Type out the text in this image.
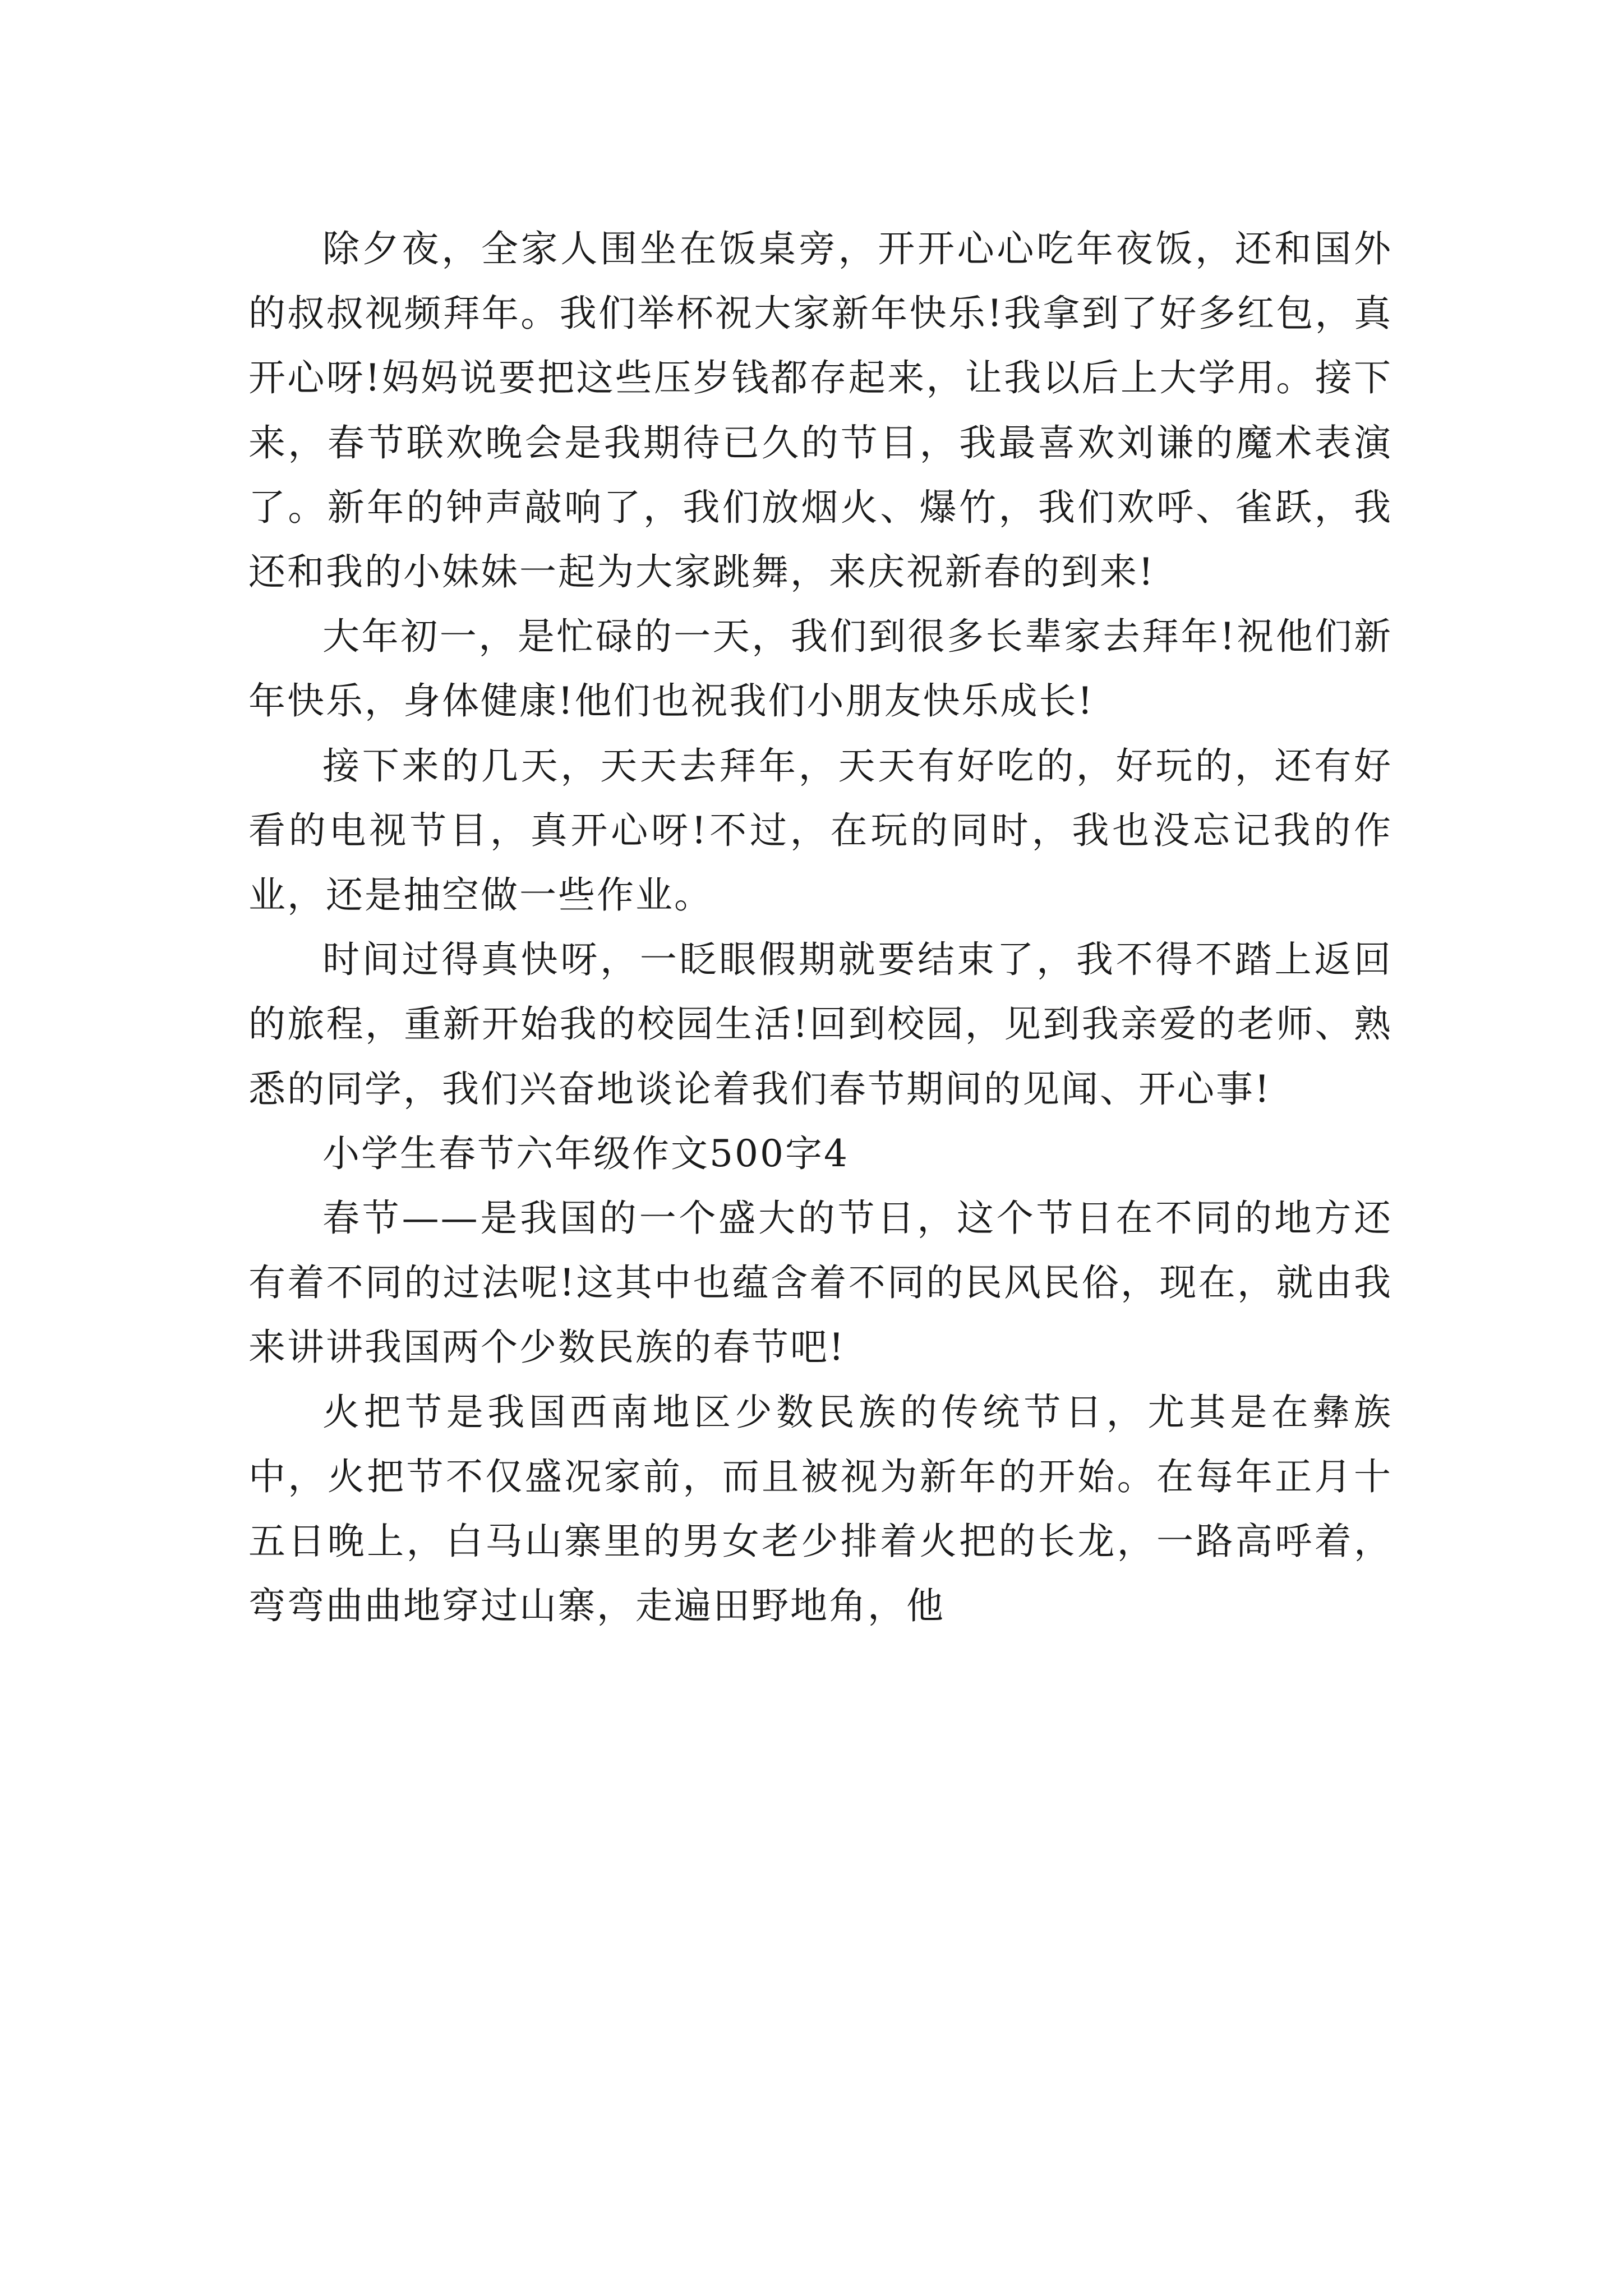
除夕夜，全家人围坐在饭桌旁，开开心心吃年夜饭，还和国外的叔叔视频拜年。我们举杯祝大家新年快乐!我拿到了好多红包，真开心呀!妈妈说要把这些压岁钱都存起来，让我以后上大学用。接下来，春节联欢晚会是我期待已久的节目，我最喜欢刘谦的魔术表演了。新年的钟声敲响了，我们放烟火、爆竹，我们欢呼、雀跃，我还和我的小妹妹一起为大家跳舞，来庆祝新春的到来!

大年初一，是忙碌的一天，我们到很多长辈家去拜年!祝他们新年快乐，身体健康!他们也祝我们小朋友快乐成长!

接下来的几天，天天去拜年，天天有好吃的，好玩的，还有好看的电视节目，真开心呀!不过，在玩的同时，我也没忘记我的作业，还是抽空做一些作业。

时间过得真快呀，一眨眼假期就要结束了，我不得不踏上返回的旅程，重新开始我的校园生活!回到校园，见到我亲爱的老师、熟悉的同学，我们兴奋地谈论着我们春节期间的见闻、开心事!

小学生春节六年级作文500字4

春节——是我国的一个盛大的节日，这个节日在不同的地方还有着不同的过法呢!这其中也蕴含着不同的民风民俗，现在，就由我来讲讲我国两个少数民族的春节吧!

火把节是我国西南地区少数民族的传统节日，尤其是在彝族中，火把节不仅盛况家前，而且被视为新年的开始。在每年正月十五日晚上，白马山寨里的男女老少排着火把的长龙，一路高呼着，弯弯曲曲地穿过山寨，走遍田野地角，他
